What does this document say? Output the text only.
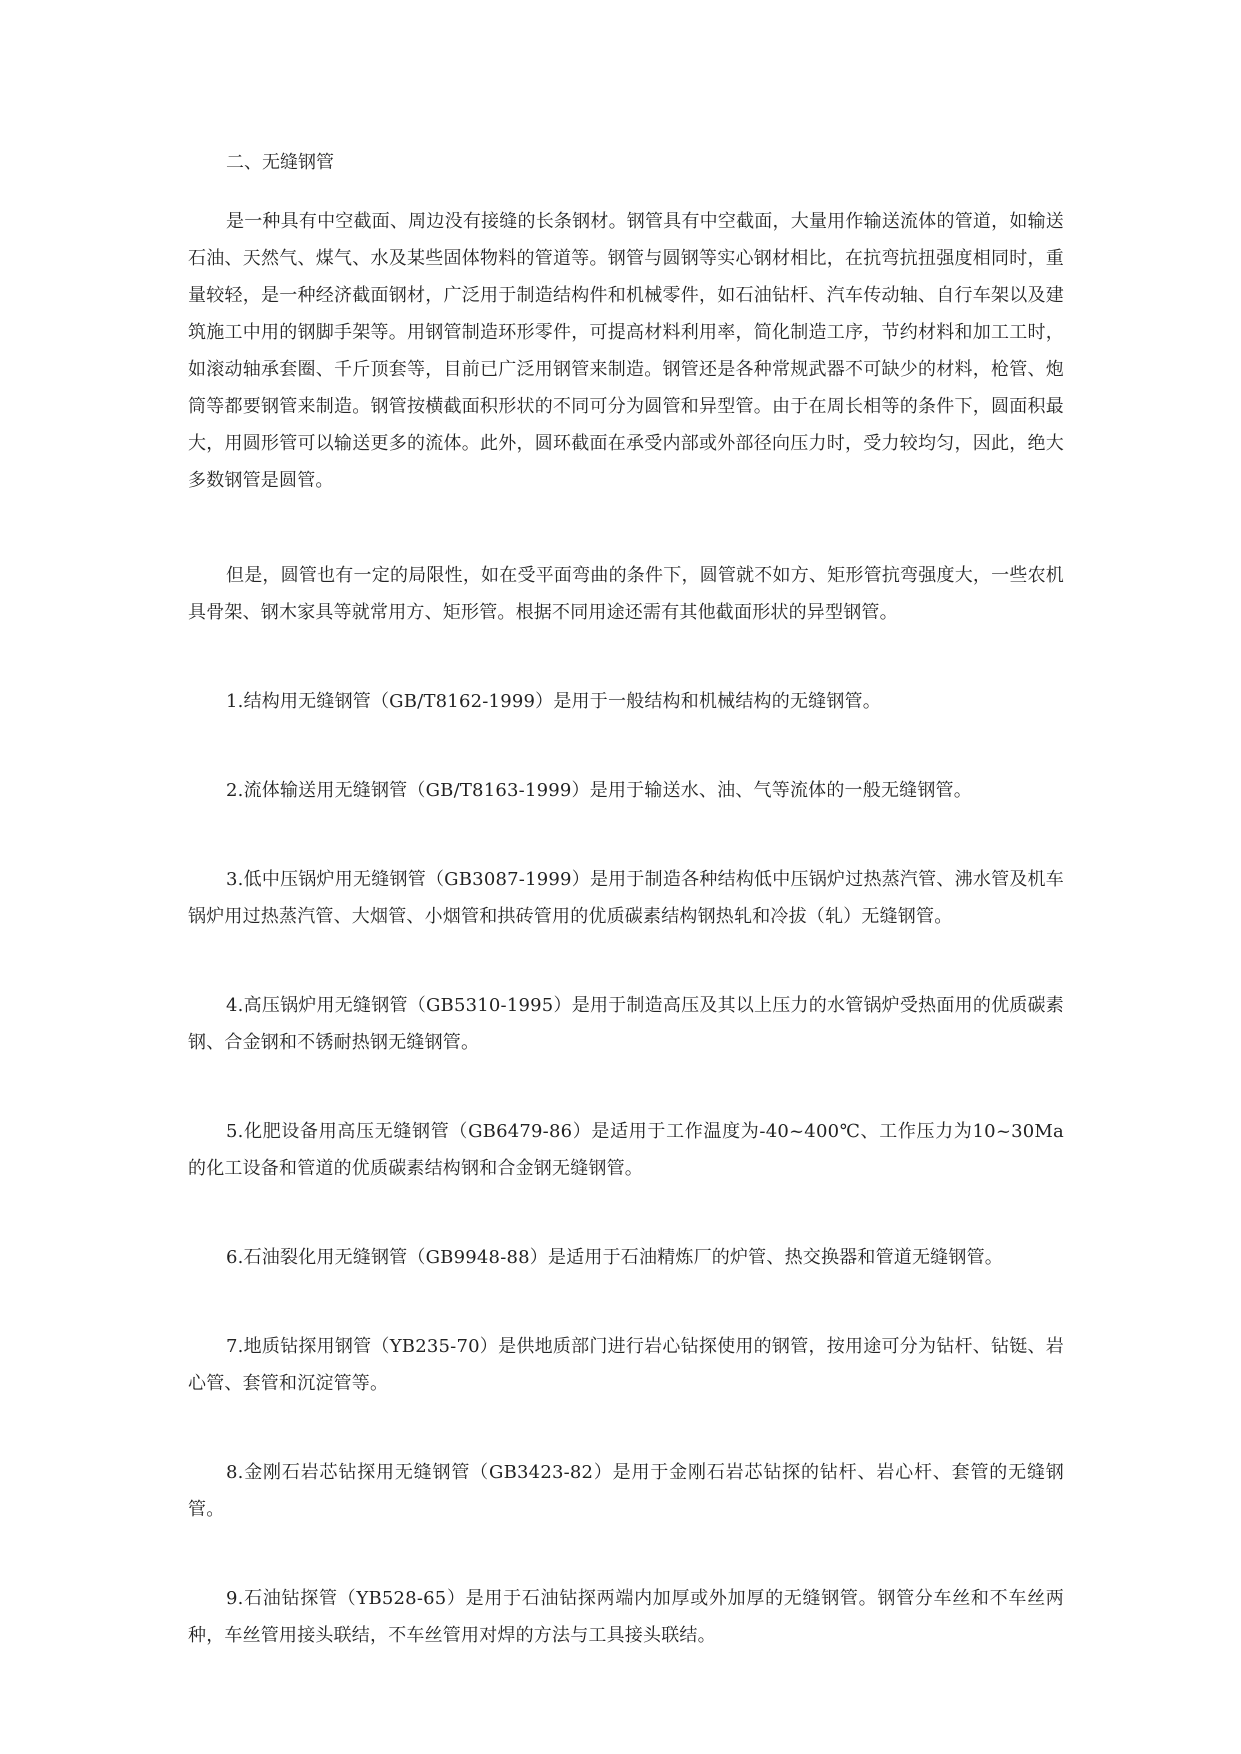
二、无缝钢管

是一种具有中空截面、周边没有接缝的长条钢材。钢管具有中空截面，大量用作输送流体的管道，如输送石油、天然气、煤气、水及某些固体物料的管道等。钢管与圆钢等实心钢材相比，在抗弯抗扭强度相同时，重量较轻，是一种经济截面钢材，广泛用于制造结构件和机械零件，如石油钻杆、汽车传动轴、自行车架以及建筑施工中用的钢脚手架等。用钢管制造环形零件，可提高材料利用率，简化制造工序，节约材料和加工工时，如滚动轴承套圈、千斤顶套等，目前已广泛用钢管来制造。钢管还是各种常规武器不可缺少的材料，枪管、炮筒等都要钢管来制造。钢管按横截面积形状的不同可分为圆管和异型管。由于在周长相等的条件下，圆面积最大，用圆形管可以输送更多的流体。此外，圆环截面在承受内部或外部径向压力时，受力较均匀，因此，绝大多数钢管是圆管。

但是，圆管也有一定的局限性，如在受平面弯曲的条件下，圆管就不如方、矩形管抗弯强度大，一些农机具骨架、钢木家具等就常用方、矩形管。根据不同用途还需有其他截面形状的异型钢管。

1.结构用无缝钢管（GB/T8162-1999）是用于一般结构和机械结构的无缝钢管。

2.流体输送用无缝钢管（GB/T8163-1999）是用于输送水、油、气等流体的一般无缝钢管。

3.低中压锅炉用无缝钢管（GB3087-1999）是用于制造各种结构低中压锅炉过热蒸汽管、沸水管及机车锅炉用过热蒸汽管、大烟管、小烟管和拱砖管用的优质碳素结构钢热轧和冷拔（轧）无缝钢管。

4.高压锅炉用无缝钢管（GB5310-1995）是用于制造高压及其以上压力的水管锅炉受热面用的优质碳素钢、合金钢和不锈耐热钢无缝钢管。

5.化肥设备用高压无缝钢管（GB6479-86）是适用于工作温度为-40~400℃、工作压力为10~30Ma的化工设备和管道的优质碳素结构钢和合金钢无缝钢管。

6.石油裂化用无缝钢管（GB9948-88）是适用于石油精炼厂的炉管、热交换器和管道无缝钢管。

7.地质钻探用钢管（YB235-70）是供地质部门进行岩心钻探使用的钢管，按用途可分为钻杆、钻铤、岩心管、套管和沉淀管等。

8.金刚石岩芯钻探用无缝钢管（GB3423-82）是用于金刚石岩芯钻探的钻杆、岩心杆、套管的无缝钢管。

9.石油钻探管（YB528-65）是用于石油钻探两端内加厚或外加厚的无缝钢管。钢管分车丝和不车丝两种，车丝管用接头联结，不车丝管用对焊的方法与工具接头联结。
